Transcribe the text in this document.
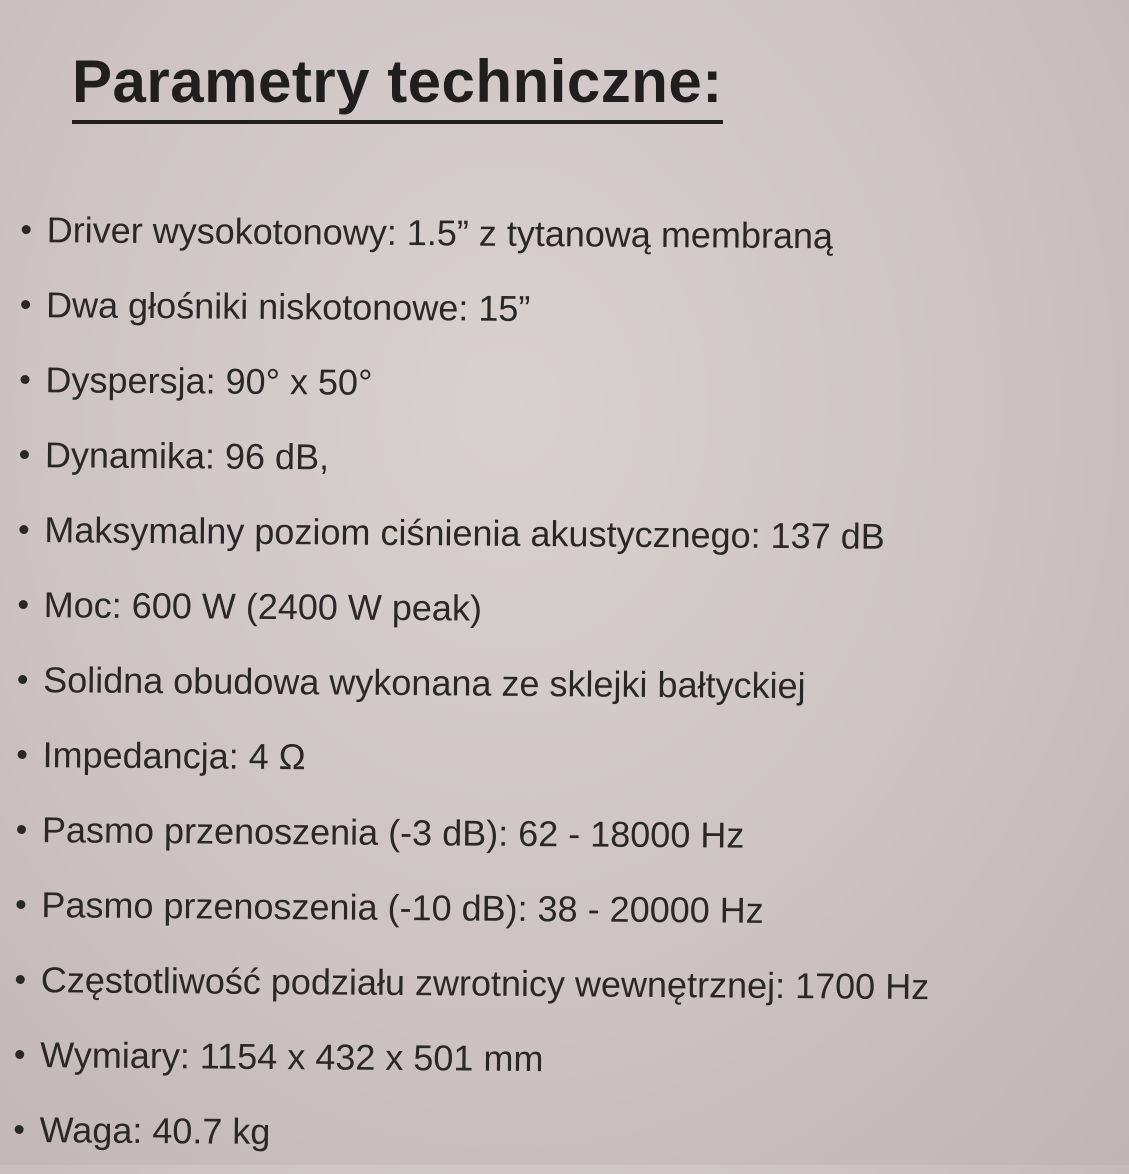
Parametry techniczne:
Driver wysokotonowy: 1.5” z tytanową membraną
Dwa głośniki niskotonowe: 15”
Dyspersja: 90° x 50°
Dynamika: 96 dB,
Maksymalny poziom ciśnienia akustycznego: 137 dB
Moc: 600 W (2400 W peak)
Solidna obudowa wykonana ze sklejki bałtyckiej
Impedancja: 4 Ω
Pasmo przenoszenia (-3 dB): 62 - 18000 Hz
Pasmo przenoszenia (-10 dB): 38 - 20000 Hz
Częstotliwość podziału zwrotnicy wewnętrznej: 1700 Hz
Wymiary: 1154 x 432 x 501 mm
Waga: 40.7 kg
